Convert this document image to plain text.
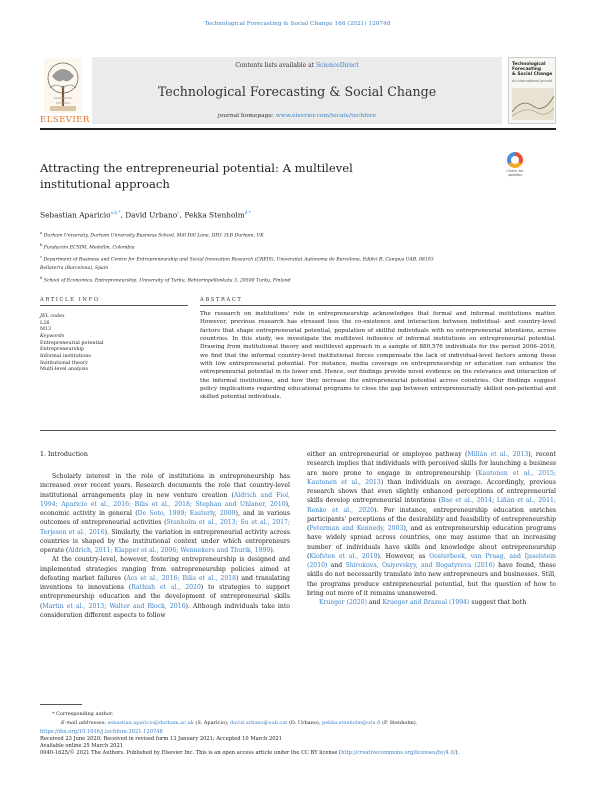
Technological Forecasting & Social Change 168 (2021) 120748
ELSEVIER
Contents lists available at ScienceDirect
Technological Forecasting & Social Change
journal homepage: www.elsevier.com/locate/techfore
Technological
Forecasting
& Social Change
An International Journal
Attracting the entrepreneurial potential: A multilevel
institutional approach
Check for updates
Sebastian Aparicio$^{a,b,*}$, David Urbano$^c$, Pekka Stenholm$^{d,*}$
$^a$ Durham University, Durham University Business School, Mill Hill Lane, DH1 3LB Durham, UK
$^b$ Fundación ECSIM, Medellín, Colombia
$^c$ Department of Business and Centre for Entrepreneurship and Social Innovation Research (CREIS), Universitat Autònoma de Barcelona, Edifici B, Campus UAB, 08193
Bellaterra (Barcelona), Spain
$^d$ School of Economics, Entrepreneurship, University of Turku, Rehtorinpellonkatu 3, 20500 Turku, Finland
ARTICLE INFO	ABSTRACT
JEL codes
L26
M13
Keywords
Entrepreneurial potential
Entrepreneurship
Informal institutions
Institutional theory
Multi-level analysis
The research on institutions' role in entrepreneurship acknowledges that formal and informal institutions matter. However, previous research has stressed less the co-existence and interaction between individual- and country-level factors that shape entrepreneurial potential, population of skillful individuals with no entrepreneurial intentions, across countries. In this study, we investigate the multilevel influence of informal institutions on entrepreneurial potential. Drawing from institutional theory and multilevel approach in a sample of 880,576 individuals for the period 2006–2016, we find that the informal country-level institutional forces compensate the lack of individual-level factors among those with low entrepreneurial potential. For instance, media coverage on entrepreneurship or education can enhance the entrepreneurial potential in its lower end. Hence, our findings provide novel evidence on the relevance and interaction of the informal institutions, and how they increase the entrepreneurial potential across countries. Our findings suggest policy implications regarding educational programs to close the gap between entrepreneurially skilled non-potential and skilled potential individuals.
1. Introduction
Scholarly interest in the role of institutions in entrepreneurship has increased over recent years. Research documents the role that country-level institutional arrangements play in new venture creation (Aldrich and Fiol, 1994; Aparicio et al., 2016; Bilis et al., 2018; Stephan and Uhlaner, 2010), economic activity in general (De Soto, 1989; Easterly, 2009), and in various outcomes of entrepreneurial activities (Stenholm et al., 2013; Su et al., 2017; Terjesen et al., 2016). Similarly, the variation in entrepreneurial activity across countries is shaped by the institutional context under which entrepreneurs operate (Aldrich, 2011; Klapper et al., 2006; Wennekers and Thurik, 1999).
At the country-level, however, fostering entrepreneurship is designed and implemented strategies ranging from entrepreneurship policies aimed at defeating market failures (Acs et al., 2016; Bilis et al., 2018) and translating inventions to innovations (Rathish et al., 2020) to strategies to support entrepreneurship education and the development of entrepreneurial skills (Martin et al., 2013; Walter and Block, 2016). Although individuals take into consideration different aspects to follow
either an entrepreneurial or employee pathway (Millán et al., 2013), recent research implies that individuals with perceived skills for launching a business are more prone to engage in entrepreneurship (Kautonen et al., 2015; Kautonen et al., 2013) than individuals on average. Accordingly, previous research shows that even slightly enhanced perceptions of entrepreneurial skills develop entrepreneurial intentions (Bae et al., 2014; Liñán et al., 2011; Renko et al., 2020). For instance, entrepreneurship education enriches participants' perceptions of the desirability and feasibility of entrepreneurship (Peterman and Kennedy, 2003), and as entrepreneurship education programs have widely spread across countries, one may assume that an increasing number of individuals have skills and knowledge about entrepreneurship (Klofsten et al., 2019). However, as Oosterbeek, van Praag, and Ijsselstein (2010) and Shirokova, Osiyevskyy, and Bogatyreva (2016) have found, these skills do not necessarily translate into new entrepreneurs and businesses. Still, the programs produce entrepreneurial potential, but the question of how to bring out more of it remains unanswered.
Krueger (2020) and Krueger and Brazeal (1994) suggest that both
* Corresponding author.
E-mail addresses: sebastian.aparicio@durham.ac.uk (S. Aparicio), david.urbano@uab.cat (D. Urbano), pekka.stenholm@utu.fi (P. Stenholm).
https://doi.org/10.1016/j.techfore.2021.120748
Received 23 June 2020; Received in revised form 13 January 2021; Accepted 10 March 2021
Available online 25 March 2021
0040-1625/© 2021 The Authors. Published by Elsevier Inc. This is an open access article under the CC BY license (http://creativecommons.org/licenses/by/4.0/).
